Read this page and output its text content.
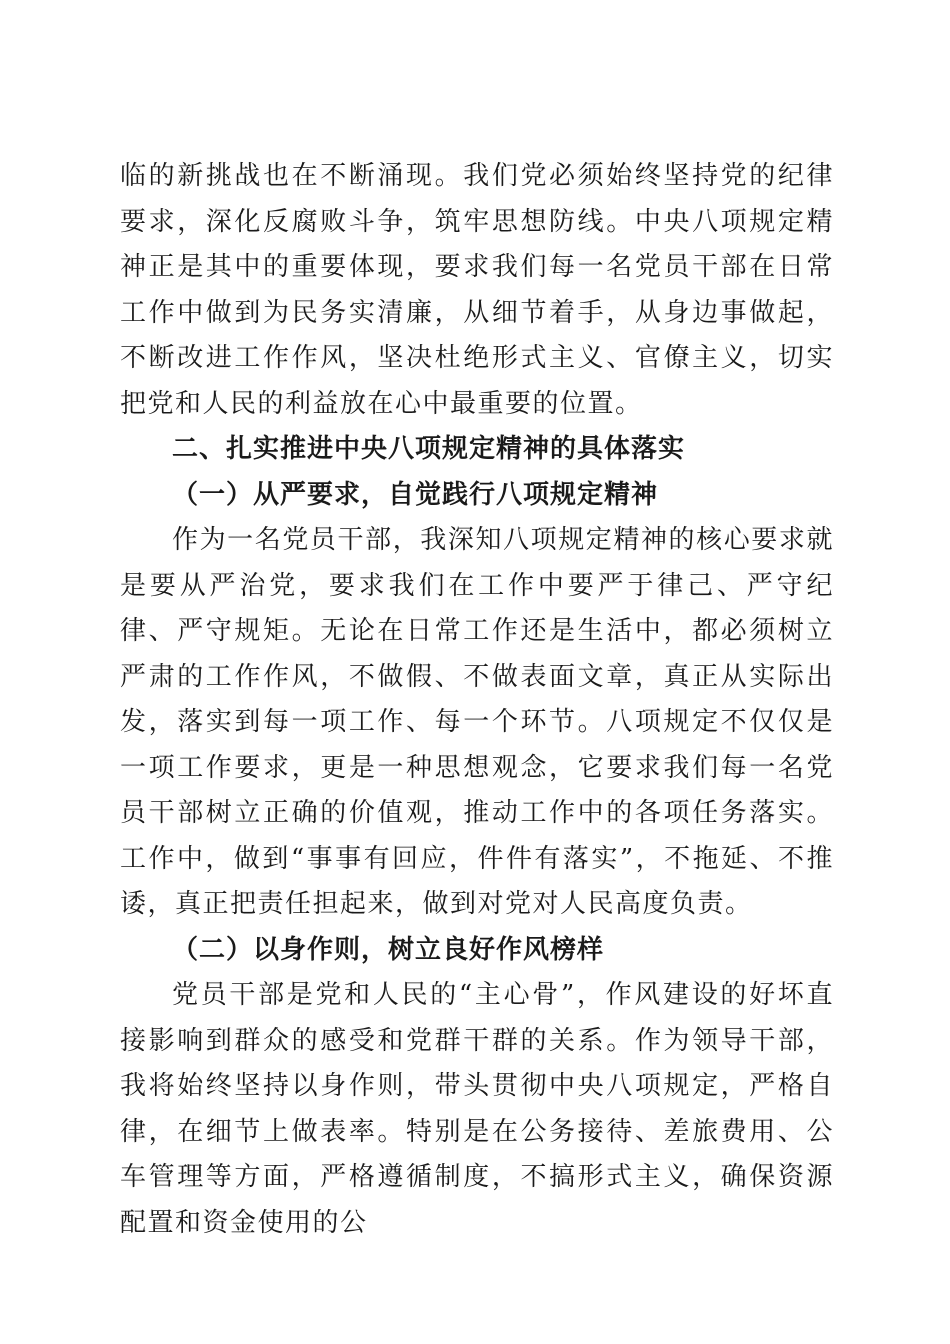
临的新挑战也在不断涌现。我们党必须始终坚持党的纪律要求，深化反腐败斗争，筑牢思想防线。中央八项规定精神正是其中的重要体现，要求我们每一名党员干部在日常工作中做到为民务实清廉，从细节着手，从身边事做起，不断改进工作作风，坚决杜绝形式主义、官僚主义，切实把党和人民的利益放在心中最重要的位置。

二、扎实推进中央八项规定精神的具体落实

（一）从严要求，自觉践行八项规定精神

作为一名党员干部，我深知八项规定精神的核心要求就是要从严治党，要求我们在工作中要严于律己、严守纪律、严守规矩。无论在日常工作还是生活中，都必须树立严肃的工作作风，不做假、不做表面文章，真正从实际出发，落实到每一项工作、每一个环节。八项规定不仅仅是一项工作要求，更是一种思想观念，它要求我们每一名党员干部树立正确的价值观，推动工作中的各项任务落实。工作中，做到“事事有回应，件件有落实”，不拖延、不推诿，真正把责任担起来，做到对党对人民高度负责。

（二）以身作则，树立良好作风榜样

党员干部是党和人民的“主心骨”，作风建设的好坏直接影响到群众的感受和党群干群的关系。作为领导干部，我将始终坚持以身作则，带头贯彻中央八项规定，严格自律，在细节上做表率。特别是在公务接待、差旅费用、公车管理等方面，严格遵循制度，不搞形式主义，确保资源配置和资金使用的公
